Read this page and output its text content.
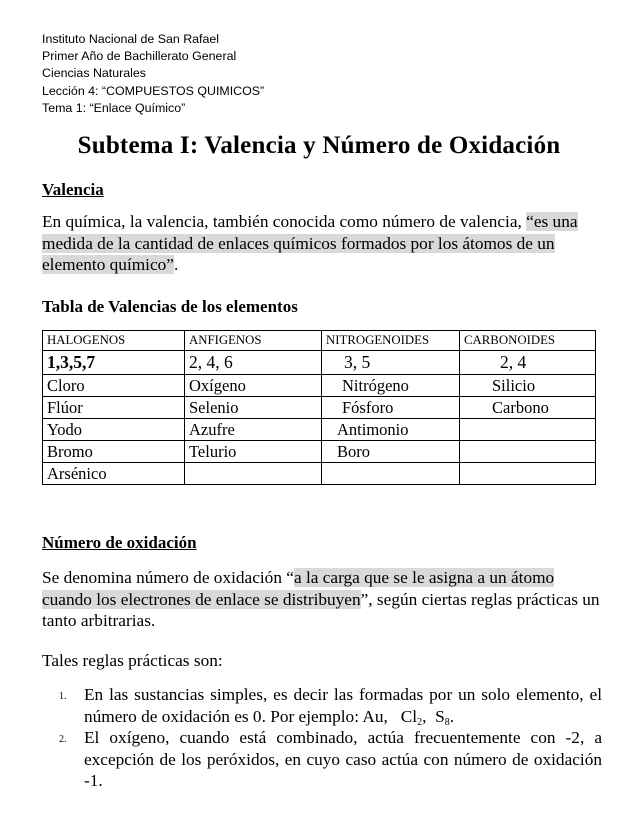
Instituto Nacional de San Rafael
Primer Año de Bachillerato General
Ciencias Naturales
Lección 4: “COMPUESTOS QUIMICOS”
Tema 1: “Enlace Químico”
Subtema I: Valencia y Número de Oxidación
Valencia
En química, la valencia, también conocida como número de valencia, “es una medida de la cantidad de enlaces químicos formados por los átomos de un elemento químico”.
Tabla de Valencias de los elementos
HALOGENOS	ANFIGENOS	NITROGENOIDES	CARBONOIDES
1,3,5,7	2, 4, 6	3, 5	2, 4
Cloro	Oxígeno	Nitrógeno	Silicio
Flúor	Selenio	Fósforo	Carbono
Yodo	Azufre	Antimonio	
Bromo	Telurio	Boro	
Arsénico			
Número de oxidación
Se denomina número de oxidación “a la carga que se le asigna a un átomo cuando los electrones de enlace se distribuyen”, según ciertas reglas prácticas un tanto arbitrarias.
Tales reglas prácticas son:
1. En las sustancias simples, es decir las formadas por un solo elemento, el número de oxidación es 0. Por ejemplo: Au, $Cl_2$,  $S_8$.
2. El oxígeno, cuando está combinado, actúa frecuentemente con -2, a excepción de los peróxidos, en cuyo caso actúa con número de oxidación -1.
